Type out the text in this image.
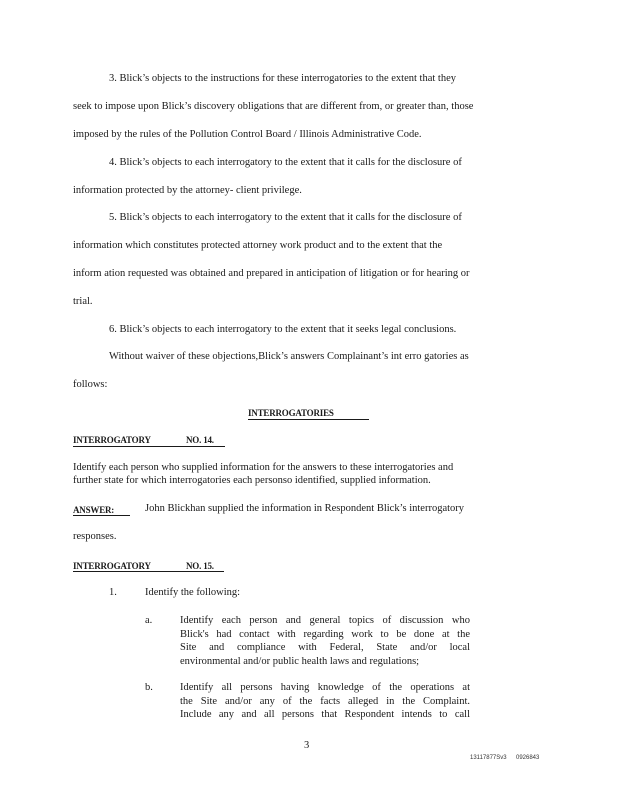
3. Blick’s objects to the instructions for these interrogatories to the extent that they
seek to impose upon Blick’s discovery obligations that are different from, or greater than, those
imposed by the rules of the Pollution Control Board / Illinois Administrative Code.
4. Blick’s objects to each interrogatory to the extent that it calls for the disclosure of
information protected by the attorney- client privilege.
5. Blick’s objects to each interrogatory to the extent that it calls for the disclosure of
information which constitutes protected attorney work product and to the extent that the
inform ation requested was obtained and prepared in anticipation of litigation or for hearing or
trial.
6. Blick’s objects to each interrogatory to the extent that it seeks legal conclusions.
Without waiver of these objections,Blick’s answers Complainant’s int erro gatories as
follows:
INTERROGATORIES
INTERROGATORY	NO. 14.
Identify each person who supplied information for the answers to these interrogatories and
further state for which interrogatories each personso identified, supplied information.
ANSWER:	John Blickhan supplied the information in Respondent Blick’s interrogatory
responses.
INTERROGATORY	NO. 15.
1.	Identify the following:
a.	Identify each person and general topics of discussion who
Blick's had contact with regarding work to be done at the
Site and compliance with Federal, State and/or local
environmental and/or public health laws and regulations;
b.	Identify all persons having knowledge of the operations at
the Site and/or any of the facts alleged in the Complaint.
Include any and all persons that Respondent intends to call
3
13117877Sv3 0926843
